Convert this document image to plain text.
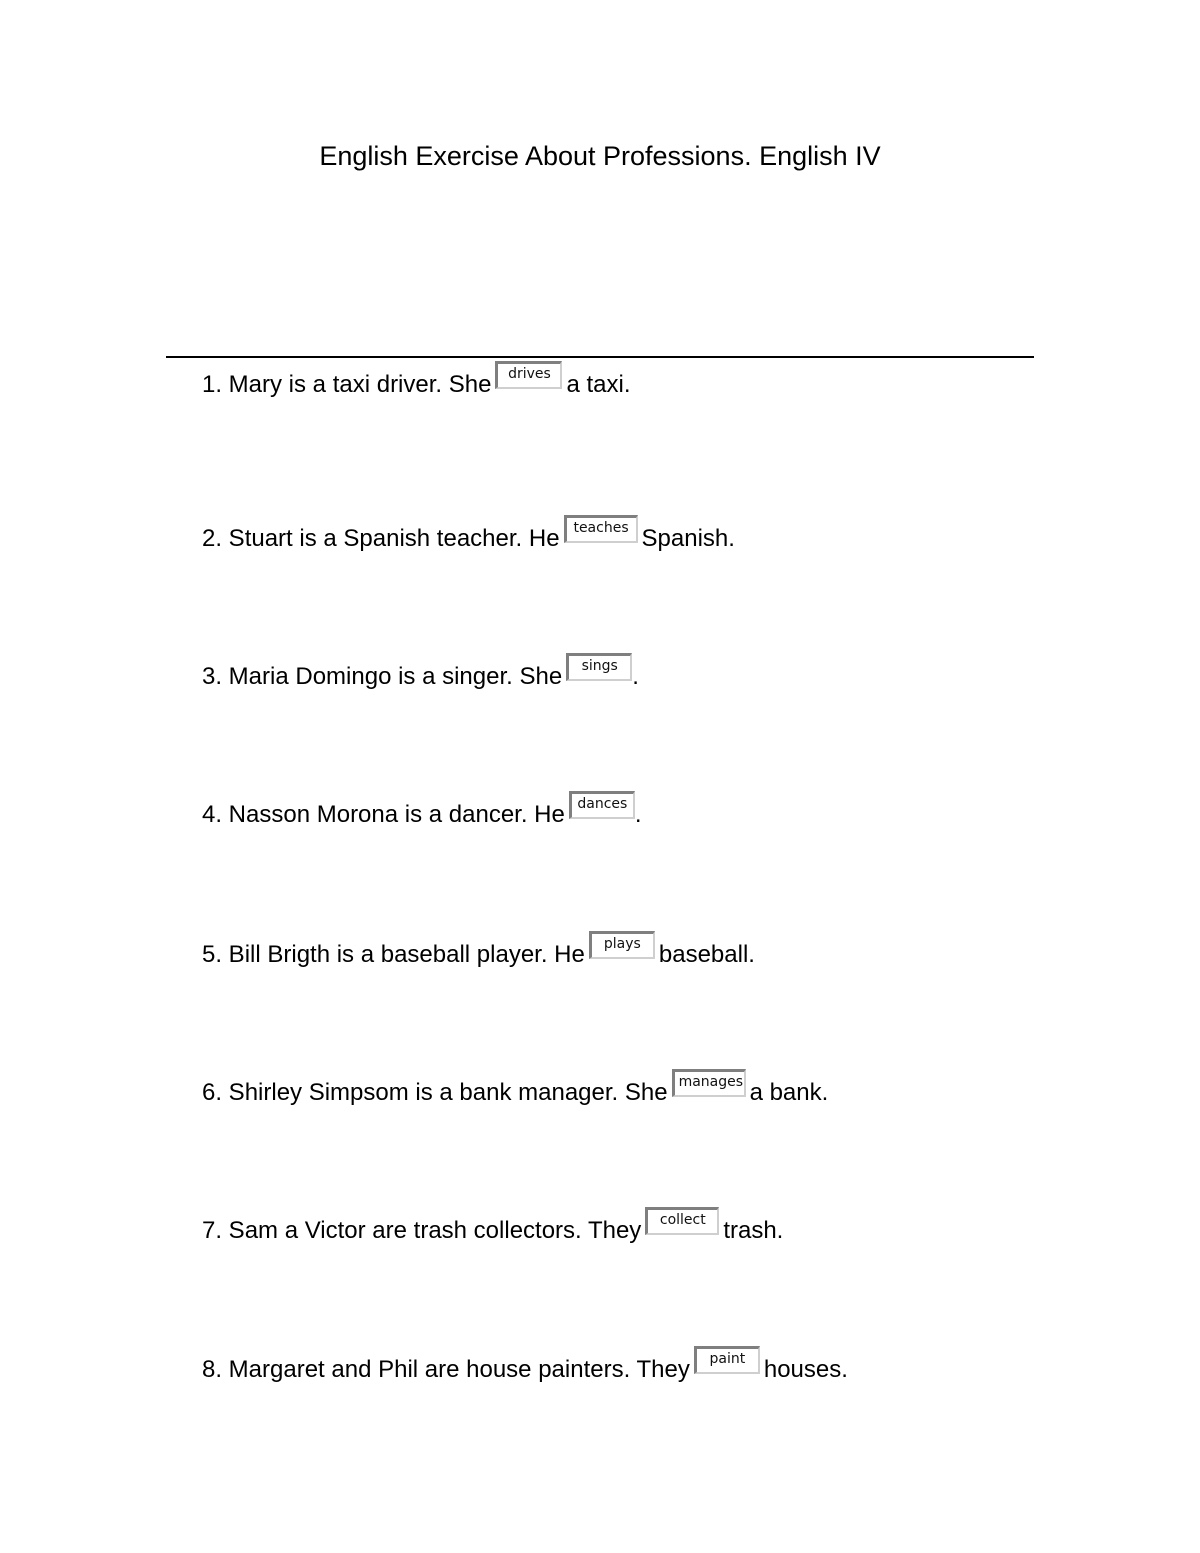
English Exercise About Professions. English IV
1. Mary is a taxi driver. She	drives a taxi.
2. Stuart is a Spanish teacher. He teaches Spanish.
3. Maria Domingo is a singer. She	sings .
4. Nasson Morona is a dancer. He dances .
5. Bill Brigth is a baseball player. He	plays baseball.
6. Shirley Simpsom is a bank manager. She manages a bank.
7. Sam a Victor are trash collectors. They	collect trash.
8. Margaret and Phil are house painters. They	paint houses.
